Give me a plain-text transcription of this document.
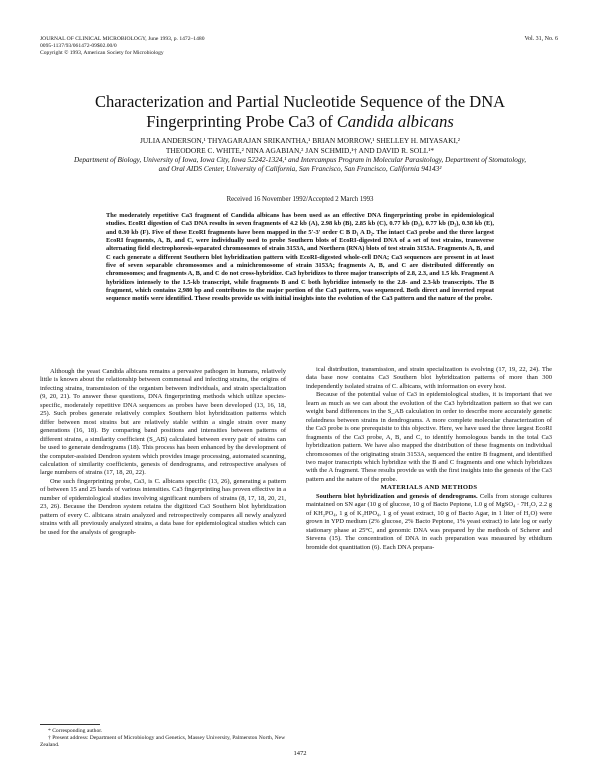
JOURNAL OF CLINICAL MICROBIOLOGY, June 1993, p. 1472–1480
0095-1137/93/061472-09$02.00/0
Copyright © 1993, American Society for Microbiology
Vol. 31, No. 6
Characterization and Partial Nucleotide Sequence of the DNA
Fingerprinting Probe Ca3 of Candida albicans
JULIA ANDERSON,¹ THYAGARAJAN SRIKANTHA,¹ BRIAN MORROW,¹ SHELLEY H. MIYASAKI,²
THEODORE C. WHITE,² NINA AGABIAN,² JAN SCHMID,¹† AND DAVID R. SOLL¹*
Department of Biology, University of Iowa, Iowa City, Iowa 52242-1324,¹ and Intercampus Program in Molecular Parasitology, Department of Stomatology, and Oral AIDS Center, University of California, San Francisco, San Francisco, California 94143²
Received 16 November 1992/Accepted 2 March 1993
The moderately repetitive Ca3 fragment of Candida albicans has been used as an effective DNA fingerprinting probe in epidemiological studies. EcoRI digestion of Ca3 DNA results in seven fragments of 4.2 kb (A), 2.98 kb (B), 2.85 kb (C), 0.77 kb (D₁), 0.77 kb (D₂), 0.38 kb (E), and 0.30 kb (F). Five of these EcoRI fragments have been mapped in the 5′-3′ order C B D₁ A D₂. The intact Ca3 probe and the three largest EcoRI fragments, A, B, and C, were individually used to probe Southern blots of EcoRI-digested DNA of a set of test strains, transverse alternating field electrophoresis-separated chromosomes of strain 3153A, and Northern (RNA) blots of test strain 3153A. Fragments A, B, and C each generate a different Southern blot hybridization pattern with EcoRI-digested whole-cell DNA; Ca3 sequences are present in at least five of seven separable chromosomes and a minichromosome of strain 3153A; fragments A, B, and C are distributed differently on chromosomes; and fragments A, B, and C do not cross-hybridize. Ca3 hybridizes to three major transcripts of 2.8, 2.3, and 1.5 kb. Fragment A hybridizes intensely to the 1.5-kb transcript, while fragments B and C both hybridize intensely to the 2.8- and 2.3-kb transcripts. The B fragment, which contains 2,980 bp and contributes to the major portion of the Ca3 pattern, was sequenced. Both direct and inverted repeat sequence motifs were identified. These results provide us with initial insights into the evolution of the Ca3 pattern and the nature of the probe.

Although the yeast Candida albicans remains a pervasive pathogen in humans, relatively little is known about the relationship between commensal and infecting strains, the origins of infecting strains, transmission of the organism between individuals, and strain specialization (9, 20, 21). To answer these questions, DNA fingerprinting methods which utilize species-specific, moderately repetitive DNA sequences as probes have been developed (13, 16, 18, 25). Such probes generate relatively complex Southern blot hybridization patterns which differ between most strains but are relatively stable within a single strain over many generations (16, 18). By comparing band positions and intensities between patterns of different strains, a similarity coefficient (S_AB) calculated between every pair of strains can be used to generate dendrograms (18). This process has been enhanced by the development of the computer-assisted Dendron system which provides image processing, automated scanning, calculation of similarity coefficients, genesis of dendrograms, and retrospective analyses of large numbers of strains (17, 18, 20, 22).

One such fingerprinting probe, Ca3, is C. albicans specific (13, 26), generating a pattern of between 15 and 25 bands of various intensities. Ca3 fingerprinting has proven effective in a number of epidemiological studies involving significant numbers of strains (8, 17, 18, 20, 21, 23, 26). Because the Dendron system retains the digitized Ca3 Southern blot hybridization pattern of every C. albicans strain analyzed and retrospectively compares all newly analyzed strains with all previously analyzed strains, a data base for epidemiological studies which can be used for the analysis of geograph-

ical distribution, transmission, and strain specialization is evolving (17, 19, 22, 24). The data base now contains Ca3 Southern blot hybridization patterns of more than 300 independently isolated strains of C. albicans, with information on every host.

Because of the potential value of Ca3 in epidemiological studies, it is important that we learn as much as we can about the evolution of the Ca3 hybridization pattern so that we can weight band differences in the S_AB calculation in order to describe more accurately genetic relatedness between strains in dendrograms. A more complete molecular characterization of the Ca3 probe is one prerequisite to this objective. Here, we have used the three largest EcoRI fragments of the Ca3 probe, A, B, and C, to identify homologous bands in the total Ca3 hybridization pattern. We have also mapped the distribution of these fragments on individual chromosomes of the originating strain 3153A, sequenced the entire B fragment, and identified two major transcripts which hybridize with the B and C fragments and one which hybridizes with the A fragment. These results provide us with the first insights into the genesis of the Ca3 pattern and the nature of the probe.

MATERIALS AND METHODS

Southern blot hybridization and genesis of dendrograms. Cells from storage cultures maintained on SN agar (10 g of glucose, 10 g of Bacto Peptone, 1.0 g of MgSO₄ · 7H₂O, 2.2 g of KH₂PO₄, 1 g of K₂HPO₄, 1 g of yeast extract, 10 g of Bacto Agar, in 1 liter of H₂O) were grown in YPD medium (2% glucose, 2% Bacto Peptone, 1% yeast extract) to late log or early stationary phase at 25°C, and genomic DNA was prepared by the methods of Scherer and Stevens (15). The concentration of DNA in each preparation was measured by ethidium bromide dot quantitation (6). Each DNA prepara-

* Corresponding author.

† Present address: Department of Microbiology and Genetics, Massey University, Palmerston North, New Zealand.

1472
